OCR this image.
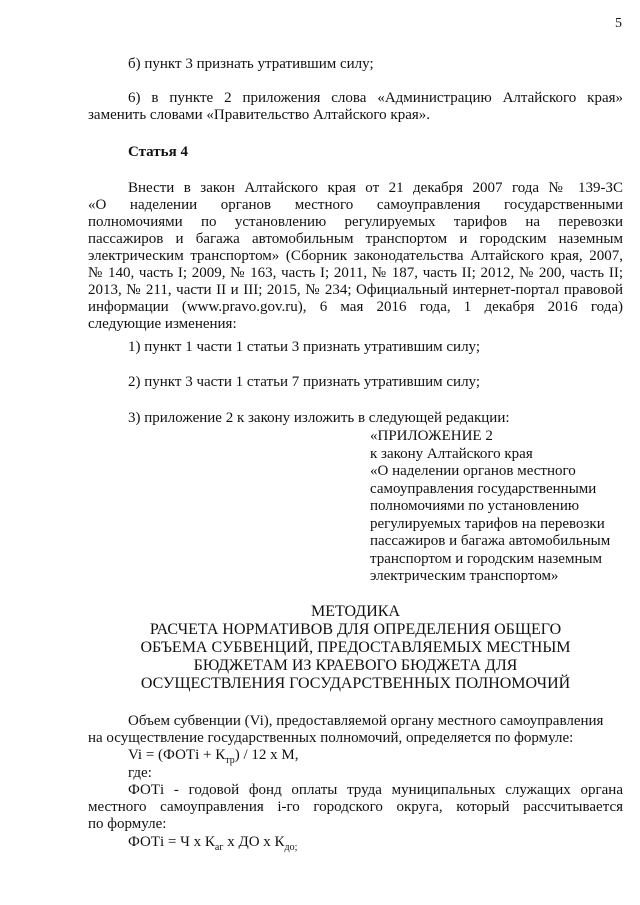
5
б) пункт 3 признать утратившим силу;
6) в пункте 2 приложения слова «Администрацию Алтайского края»
заменить словами «Правительство Алтайского края».
Статья 4
Внести в закон Алтайского края от 21 декабря 2007 года № 139-ЗС
«О наделении органов местного самоуправления государственными
полномочиями по установлению регулируемых тарифов на перевозки
пассажиров и багажа автомобильным транспортом и городским наземным
электрическим транспортом» (Сборник законодательства Алтайского края, 2007,
№ 140, часть I; 2009, № 163, часть I; 2011, № 187, часть II; 2012, № 200, часть II;
2013, № 211, части II и III; 2015, № 234; Официальный интернет-портал правовой
информации (www.pravo.gov.ru), 6 мая 2016 года, 1 декабря 2016 года)
следующие изменения:
1) пункт 1 части 1 статьи 3 признать утратившим силу;
2) пункт 3 части 1 статьи 7 признать утратившим силу;
3) приложение 2 к закону изложить в следующей редакции:
«ПРИЛОЖЕНИЕ 2
к закону Алтайского края
«О наделении органов местного
самоуправления государственными
полномочиями по установлению
регулируемых тарифов на перевозки
пассажиров и багажа автомобильным
транспортом и городским наземным
электрическим транспортом»
МЕТОДИКА
РАСЧЕТА НОРМАТИВОВ ДЛЯ ОПРЕДЕЛЕНИЯ ОБЩЕГО
ОБЪЕМА СУБВЕНЦИЙ, ПРЕДОСТАВЛЯЕМЫХ МЕСТНЫМ
БЮДЖЕТАМ ИЗ КРАЕВОГО БЮДЖЕТА ДЛЯ
ОСУЩЕСТВЛЕНИЯ ГОСУДАРСТВЕННЫХ ПОЛНОМОЧИЙ
Объем субвенции (Vi), предоставляемой органу местного самоуправления
на осуществление государственных полномочий, определяется по формуле:
Vi = (ФОТi + $К_{тр}) / 12$ х М,
где:
ФОТi - годовой фонд оплаты труда муниципальных служащих органа
местного самоуправления i-го городского округа, который рассчитывается
по формуле:
ФОТi = Ч х $К_{аг}$ х ДО х $К_{до;}$
